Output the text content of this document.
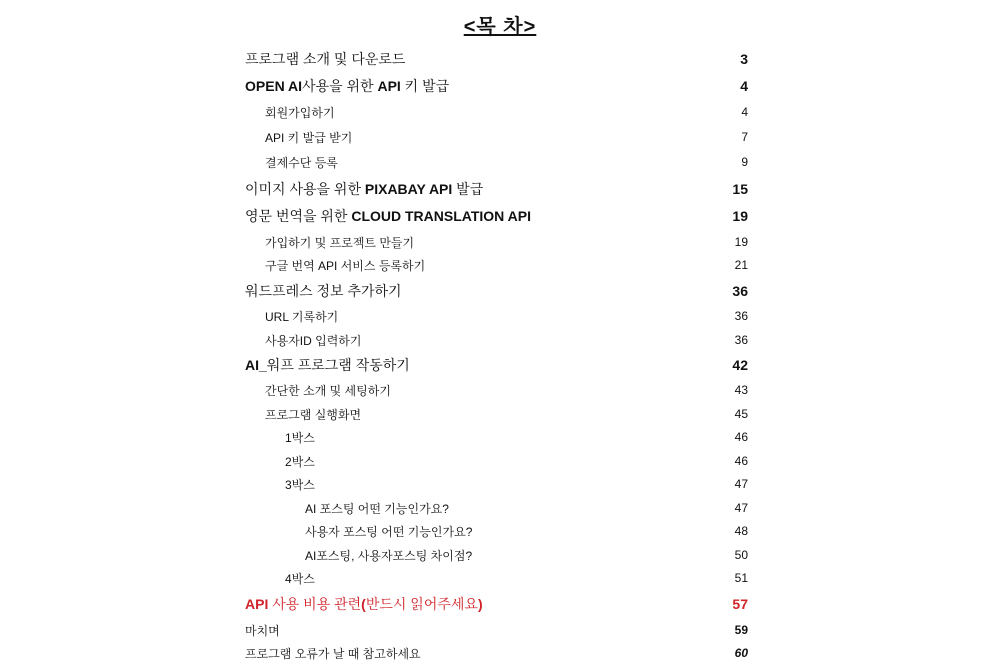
<목 차>
프로그램 소개 및 다운로드	3
OPEN AI사용을 위한 API 키 발급	4
회원가입하기	4
API 키 발급 받기	7
결제수단 등록	9
이미지 사용을 위한 PIXABAY API 발급	15
영문 번역을 위한 CLOUD TRANSLATION API	19
가입하기 및 프로젝트 만들기	19
구글 번역 API 서비스 등록하기	21
워드프레스 정보 추가하기	36
URL 기록하기	36
사용자ID 입력하기	36
AI_워프 프로그램 작동하기	42
간단한 소개 및 세팅하기	43
프로그램 실행화면	45
1박스	46
2박스	46
3박스	47
AI 포스팅 어떤 기능인가요?	47
사용자 포스팅 어떤 기능인가요?	48
AI포스팅, 사용자포스팅 차이점?	50
4박스	51
API 사용 비용 관련(반드시 읽어주세요)	57
마치며	59
프로그램 오류가 날 때 참고하세요	60
